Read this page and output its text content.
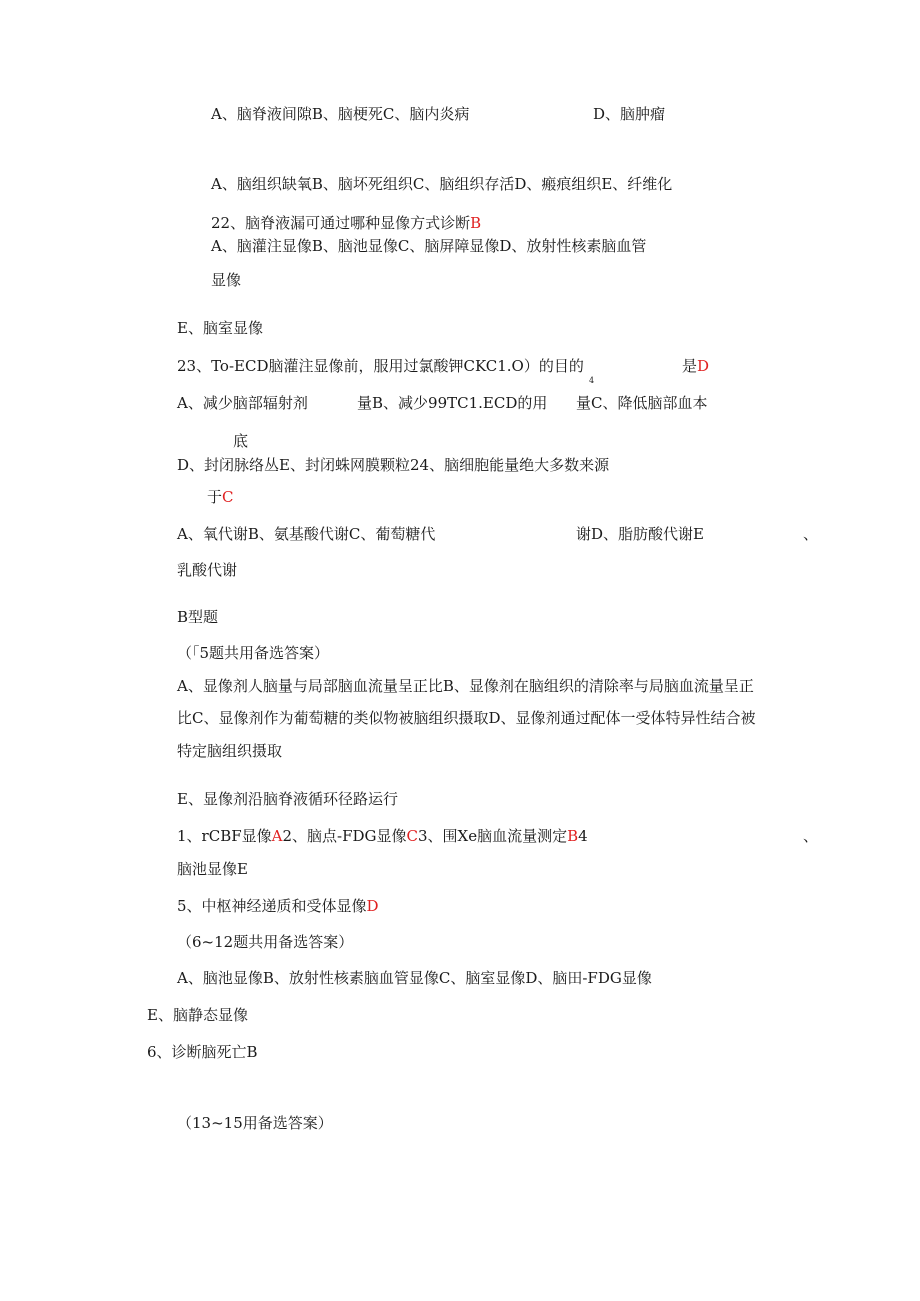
A、脑脊液间隙B、脑梗死C、脑内炎病	D、脑肿瘤
A、脑组织缺氧B、脑坏死组织C、脑组织存活D、瘢痕组织E、纤维化
22、脑脊液漏可通过哪种显像方式诊断B
A、脑灌注显像B、脑池显像C、脑屏障显像D、放射性核素脑血管
显像
E、脑室显像
23、To-ECD脑灌注显像前，服用过氯酸钾CKC1.O）的目的
4
是D
A、减少脑部辐射剂	量B、减少99TC1.ECD的用 量C、降低脑部血本
底
D、封闭脉络丛E、封闭蛛网膜颗粒24、脑细胞能量绝大多数来源
于C
A、氧代谢B、氨基酸代谢C、葡萄糖代	谢D、脂肪酸代谢E	、
乳酸代谢
B型题
（「5题共用备选答案）
A、显像剂人脑量与局部脑血流量呈正比B、显像剂在脑组织的清除率与局脑血流量呈正
比C、显像剂作为葡萄糖的类似物被脑组织摄取D、显像剂通过配体一受体特异性结合被
特定脑组织摄取
E、显像剂沿脑脊液循环径路运行
1、rCBF显像A2、脑点-FDG显像C3、围Xe脑血流量测定B4	、
脑池显像E
5、中枢神经递质和受体显像D
（6~12题共用备选答案）
A、脑池显像B、放射性核素脑血管显像C、脑室显像D、脑田-FDG显像
E、脑静态显像
6、诊断脑死亡B
（13~15用备选答案）
